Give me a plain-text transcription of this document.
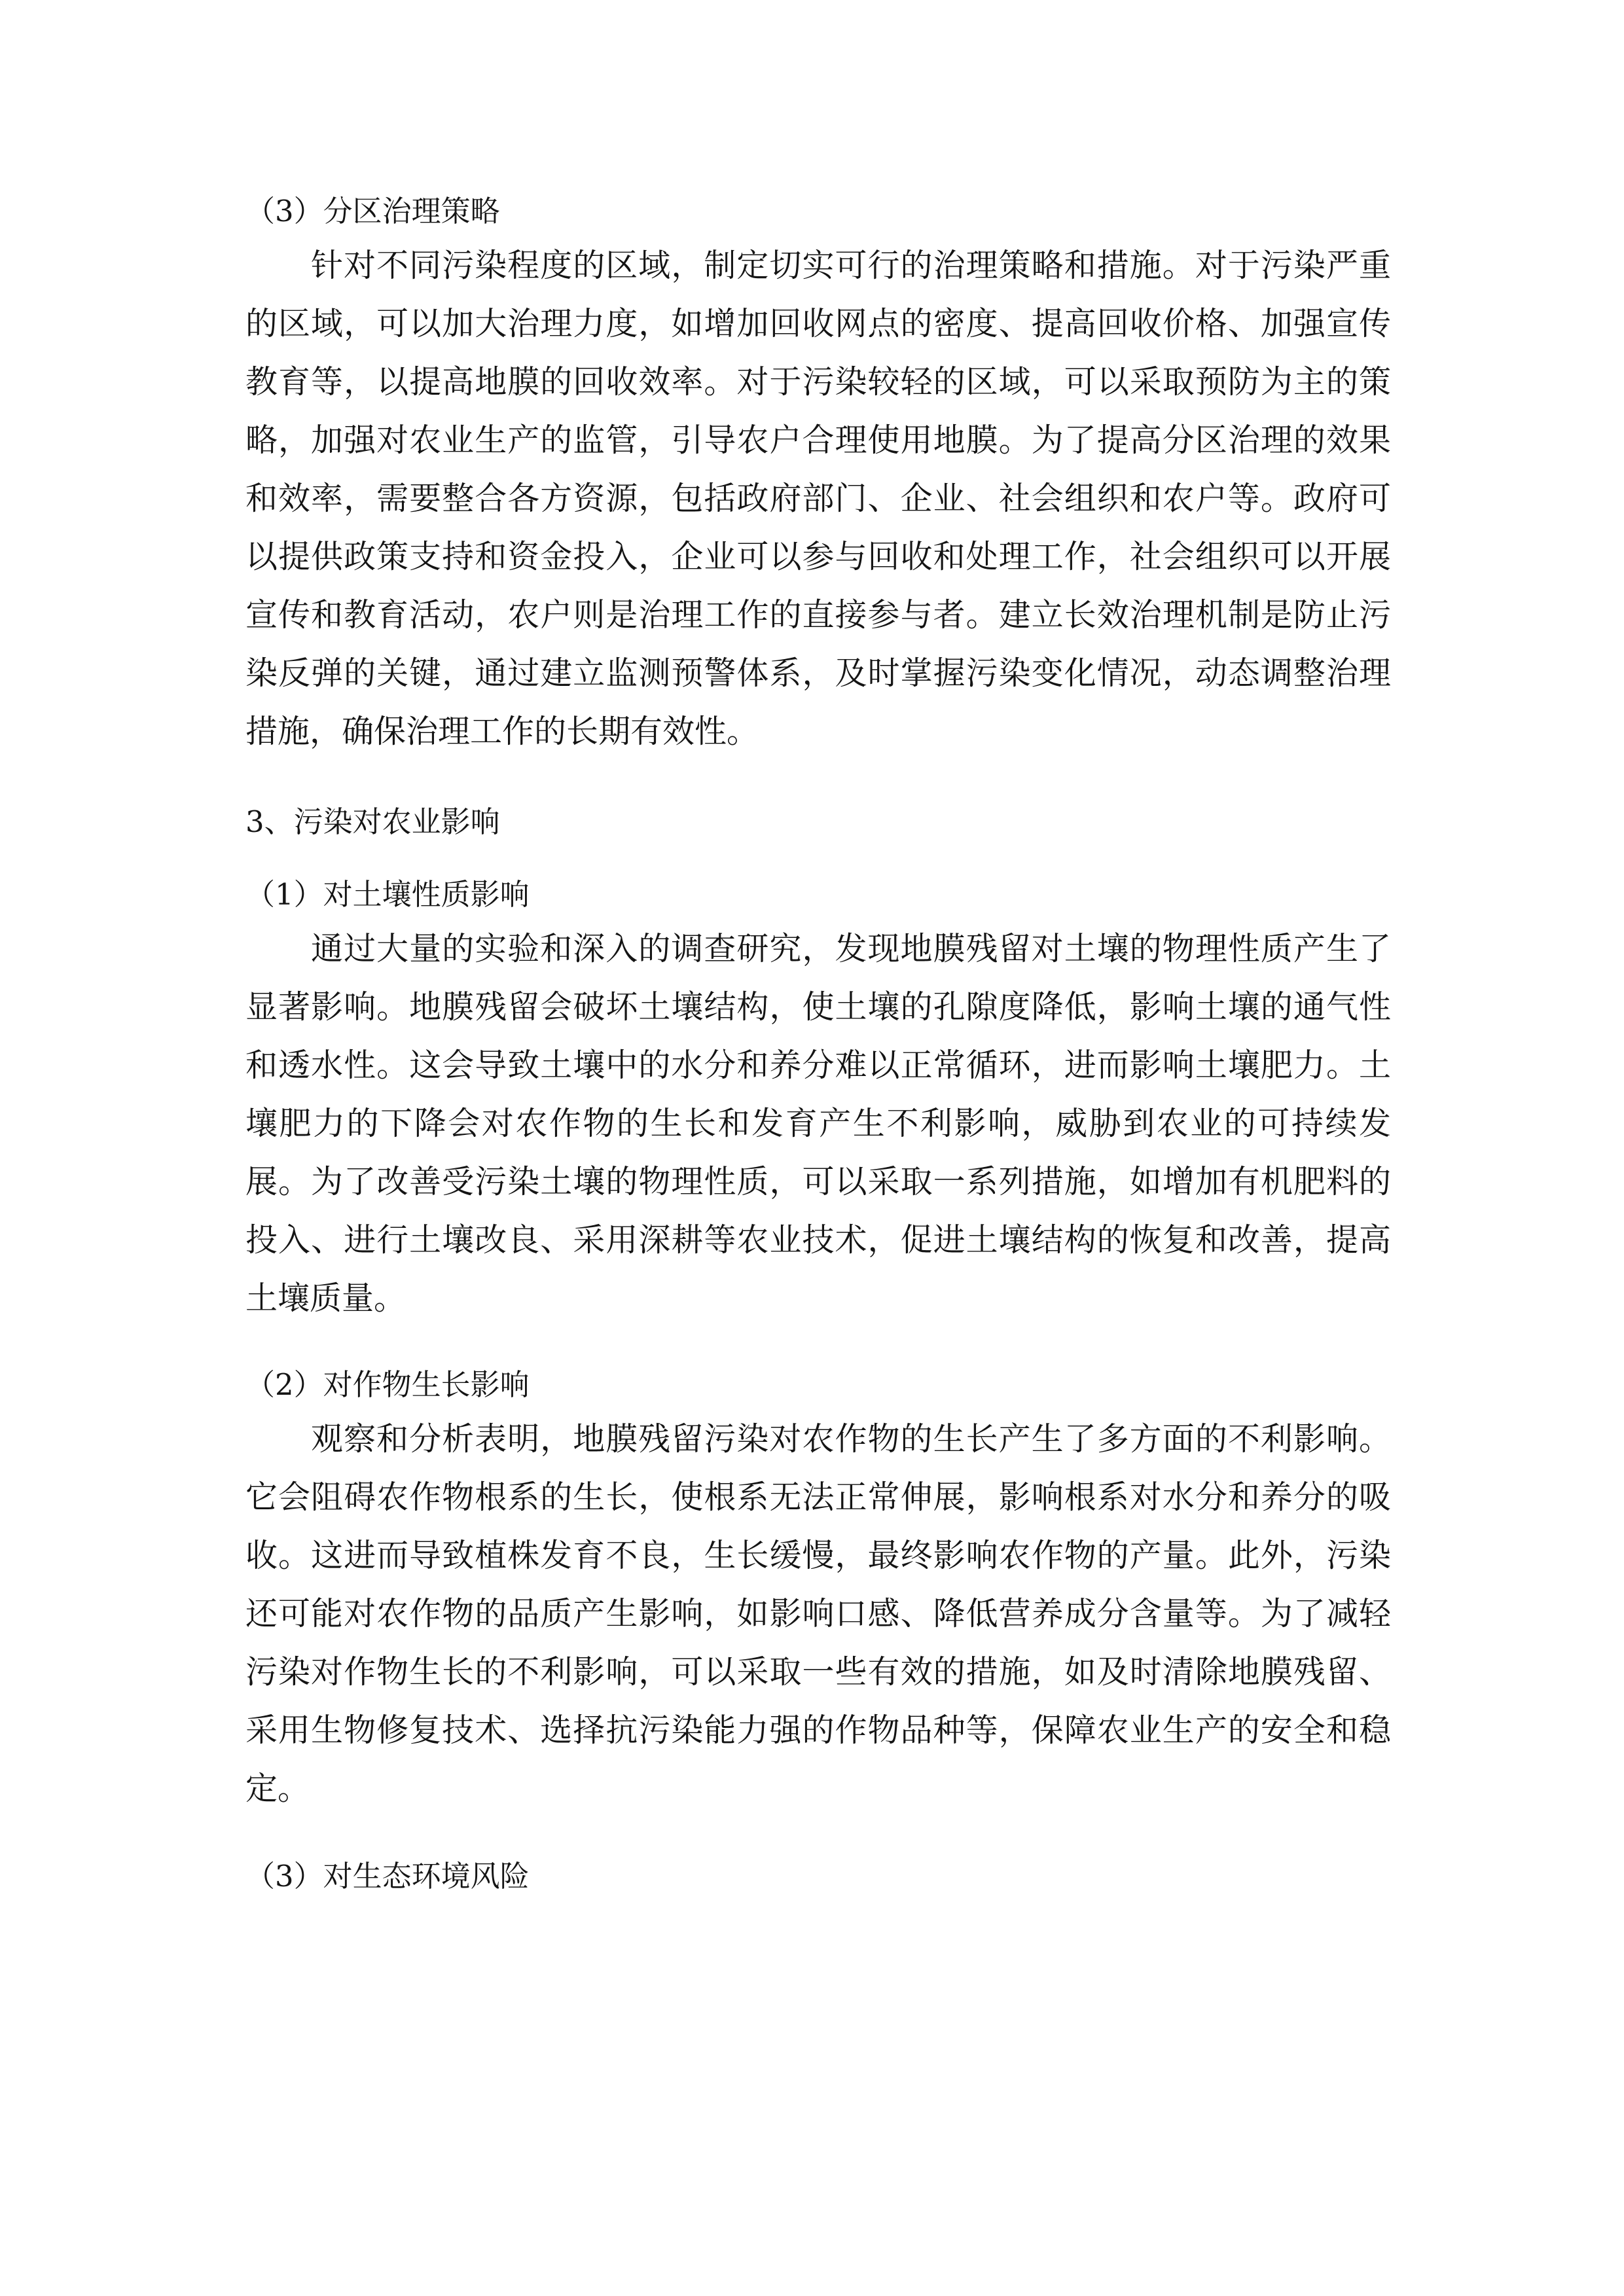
（3）分区治理策略

针对不同污染程度的区域，制定切实可行的治理策略和措施。对于污染严重的区域，可以加大治理力度，如增加回收网点的密度、提高回收价格、加强宣传教育等，以提高地膜的回收效率。对于污染较轻的区域，可以采取预防为主的策略，加强对农业生产的监管，引导农户合理使用地膜。为了提高分区治理的效果和效率，需要整合各方资源，包括政府部门、企业、社会组织和农户等。政府可以提供政策支持和资金投入，企业可以参与回收和处理工作，社会组织可以开展宣传和教育活动，农户则是治理工作的直接参与者。建立长效治理机制是防止污染反弹的关键，通过建立监测预警体系，及时掌握污染变化情况，动态调整治理措施，确保治理工作的长期有效性。

3、污染对农业影响

（1）对土壤性质影响

通过大量的实验和深入的调查研究，发现地膜残留对土壤的物理性质产生了显著影响。地膜残留会破坏土壤结构，使土壤的孔隙度降低，影响土壤的通气性和透水性。这会导致土壤中的水分和养分难以正常循环，进而影响土壤肥力。土壤肥力的下降会对农作物的生长和发育产生不利影响，威胁到农业的可持续发展。为了改善受污染土壤的物理性质，可以采取一系列措施，如增加有机肥料的投入、进行土壤改良、采用深耕等农业技术，促进土壤结构的恢复和改善，提高土壤质量。

（2）对作物生长影响

观察和分析表明，地膜残留污染对农作物的生长产生了多方面的不利影响。它会阻碍农作物根系的生长，使根系无法正常伸展，影响根系对水分和养分的吸收。这进而导致植株发育不良，生长缓慢，最终影响农作物的产量。此外，污染还可能对农作物的品质产生影响，如影响口感、降低营养成分含量等。为了减轻污染对作物生长的不利影响，可以采取一些有效的措施，如及时清除地膜残留、采用生物修复技术、选择抗污染能力强的作物品种等，保障农业生产的安全和稳定。

（3）对生态环境风险
